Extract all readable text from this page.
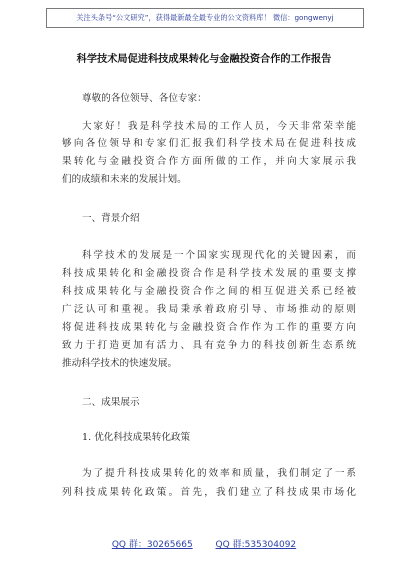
关注头条号“公文研究”，获得最新最全最专业的公文资料库！ 微信：gongwenyj
科学技术局促进科技成果转化与金融投资合作的工作报告
尊敬的各位领导、各位专家：
大家好！我是科学技术局的工作人员，今天非常荣幸能
够向各位领导和专家们汇报我们科学技术局在促进科技成
果转化与金融投资合作方面所做的工作，并向大家展示我
们的成绩和未来的发展计划。
一、背景介绍
科学技术的发展是一个国家实现现代化的关键因素，而
科技成果转化和金融投资合作是科学技术发展的重要支撑
科技成果转化与金融投资合作之间的相互促进关系已经被
广泛认可和重视。我局秉承着政府引导、市场推动的原则
将促进科技成果转化与金融投资合作作为工作的重要方向
致力于打造更加有活力、具有竞争力的科技创新生态系统
推动科学技术的快速发展。
二、成果展示
1. 优化科技成果转化政策
为了提升科技成果转化的效率和质量，我们制定了一系
列科技成果转化政策。首先，我们建立了科技成果市场化
QQ 群：30265665	QQ 群:535304092
